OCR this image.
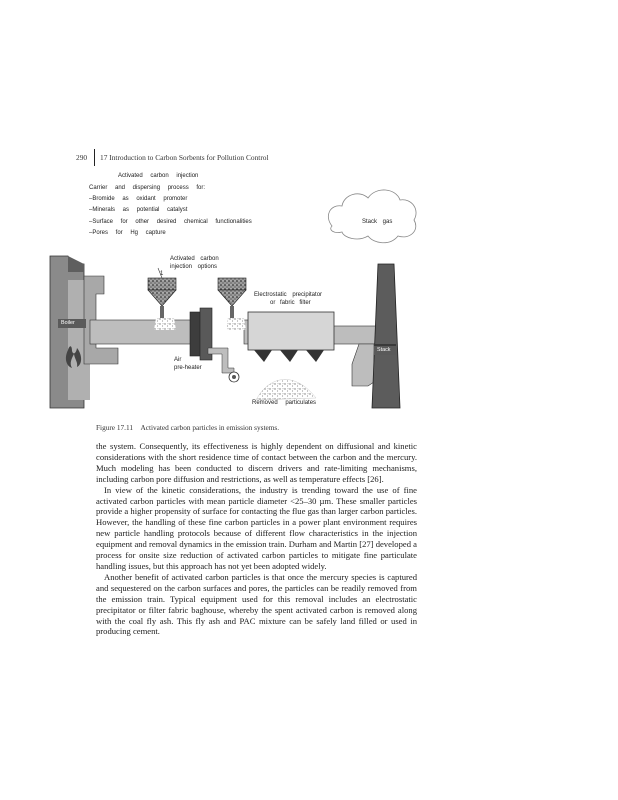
290 17 Introduction to Carbon Sorbents for Pollution Control
Activated carbon injection
Carrier and dispersing process for:
–Bromide as oxidant promoter
–Minerals as potential catalyst
–Surface for other desired chemical functionalities
–Pores for Hg capture
Stack gas
Activated carbon
injection options
1
Electrostatic precipitator
or fabric filter
Boiler
Stack
Air
pre-heater
Removed particulates
Figure 17.11 Activated carbon particles in emission systems.

the system. Consequently, its effectiveness is highly dependent on diffusional and kinetic considerations with the short residence time of contact between the carbon and the mercury. Much modeling has been conducted to discern drivers and rate-limiting mechanisms, including carbon pore diffusion and restrictions, as well as temperature effects [26].

In view of the kinetic considerations, the industry is trending toward the use of fine activated carbon particles with mean particle diameter <25–30 µm. These smaller particles provide a higher propensity of surface for contacting the flue gas than larger carbon particles. However, the handling of these fine carbon particles in a power plant environment requires new particle handling protocols because of different flow characteristics in the injection equipment and removal dynamics in the emission train. Durham and Martin [27] developed a process for onsite size reduction of activated carbon particles to mitigate fine particulate handling issues, but this approach has not yet been adopted widely.

Another benefit of activated carbon particles is that once the mercury species is captured and sequestered on the carbon surfaces and pores, the particles can be readily removed from the emission train. Typical equipment used for this removal includes an electrostatic precipitator or filter fabric baghouse, whereby the spent activated carbon is removed along with the coal fly ash. This fly ash and PAC mixture can be safely land filled or used in producing cement.
